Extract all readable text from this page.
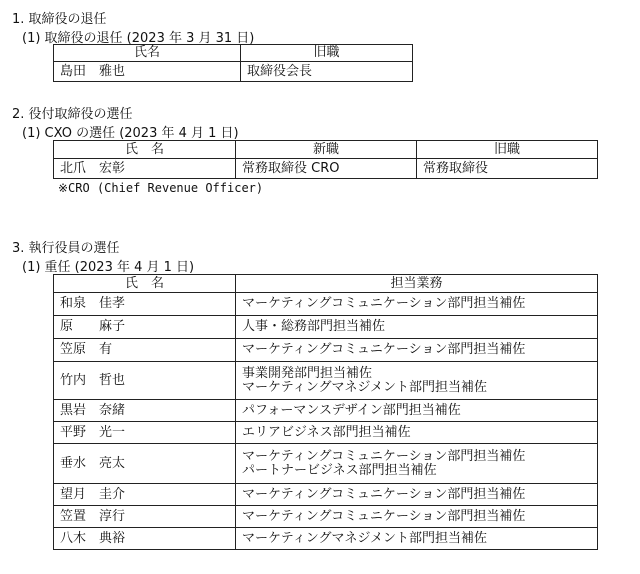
1. 取締役の退任
(1) 取締役の退任 (2023 年 3 月 31 日)
氏名	旧職
島田　雅也	取締役会長
2. 役付取締役の選任
(1) CXO の選任 (2023 年 4 月 1 日)
氏　名	新職	旧職
北爪　宏彰	常務取締役 CRO	常務取締役
※CRO (Chief Revenue Officer)
3. 執行役員の選任
(1) 重任 (2023 年 4 月 1 日)
氏　名	担当業務
和泉　佳孝	マーケティングコミュニケーション部門担当補佐
原　　麻子	人事・総務部門担当補佐
笠原　有	マーケティングコミュニケーション部門担当補佐
竹内　哲也	事業開発部門担当補佐
マーケティングマネジメント部門担当補佐
黒岩　奈緒	パフォーマンスデザイン部門担当補佐
平野　光一	エリアビジネス部門担当補佐
垂水　亮太	マーケティングコミュニケーション部門担当補佐
パートナービジネス部門担当補佐
望月　圭介	マーケティングコミュニケーション部門担当補佐
笠置　淳行	マーケティングコミュニケーション部門担当補佐
八木　典裕	マーケティングマネジメント部門担当補佐
